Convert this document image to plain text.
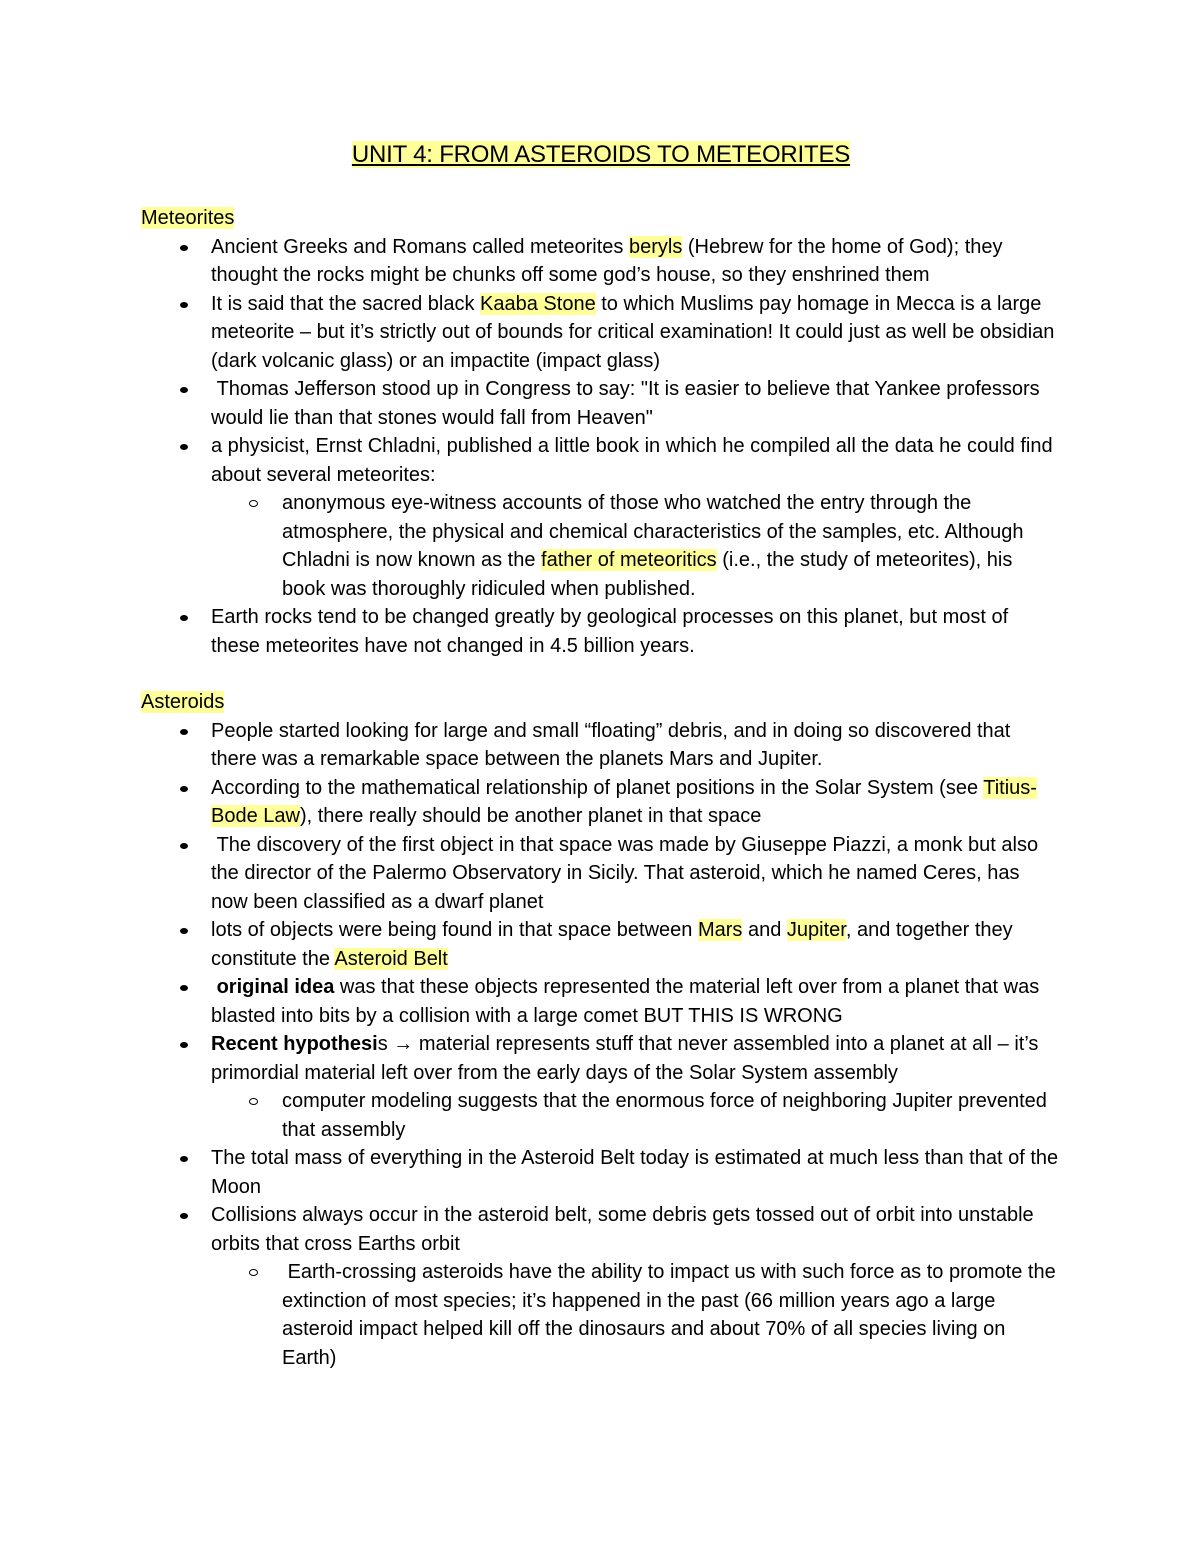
UNIT 4: FROM ASTEROIDS TO METEORITES
Meteorites
Ancient Greeks and Romans called meteorites beryls (Hebrew for the home of God); they thought the rocks might be chunks off some god’s house, so they enshrined them
It is said that the sacred black Kaaba Stone to which Muslims pay homage in Mecca is a large meteorite – but it’s strictly out of bounds for critical examination! It could just as well be obsidian (dark volcanic glass) or an impactite (impact glass)
Thomas Jefferson stood up in Congress to say: "It is easier to believe that Yankee professors would lie than that stones would fall from Heaven"
a physicist, Ernst Chladni, published a little book in which he compiled all the data he could find about several meteorites:
anonymous eye-witness accounts of those who watched the entry through the atmosphere, the physical and chemical characteristics of the samples, etc. Although Chladni is now known as the father of meteoritics (i.e., the study of meteorites), his book was thoroughly ridiculed when published.
Earth rocks tend to be changed greatly by geological processes on this planet, but most of these meteorites have not changed in 4.5 billion years.
Asteroids
People started looking for large and small “floating” debris, and in doing so discovered that there was a remarkable space between the planets Mars and Jupiter.
According to the mathematical relationship of planet positions in the Solar System (see Titius-Bode Law), there really should be another planet in that space
The discovery of the first object in that space was made by Giuseppe Piazzi, a monk but also the director of the Palermo Observatory in Sicily. That asteroid, which he named Ceres, has now been classified as a dwarf planet
lots of objects were being found in that space between Mars and Jupiter, and together they constitute the Asteroid Belt
original idea was that these objects represented the material left over from a planet that was blasted into bits by a collision with a large comet BUT THIS IS WRONG
Recent hypothesis → material represents stuff that never assembled into a planet at all – it’s primordial material left over from the early days of the Solar System assembly
computer modeling suggests that the enormous force of neighboring Jupiter prevented that assembly
The total mass of everything in the Asteroid Belt today is estimated at much less than that of the Moon
Collisions always occur in the asteroid belt, some debris gets tossed out of orbit into unstable orbits that cross Earths orbit
Earth-crossing asteroids have the ability to impact us with such force as to promote the extinction of most species; it’s happened in the past (66 million years ago a large asteroid impact helped kill off the dinosaurs and about 70% of all species living on Earth)
